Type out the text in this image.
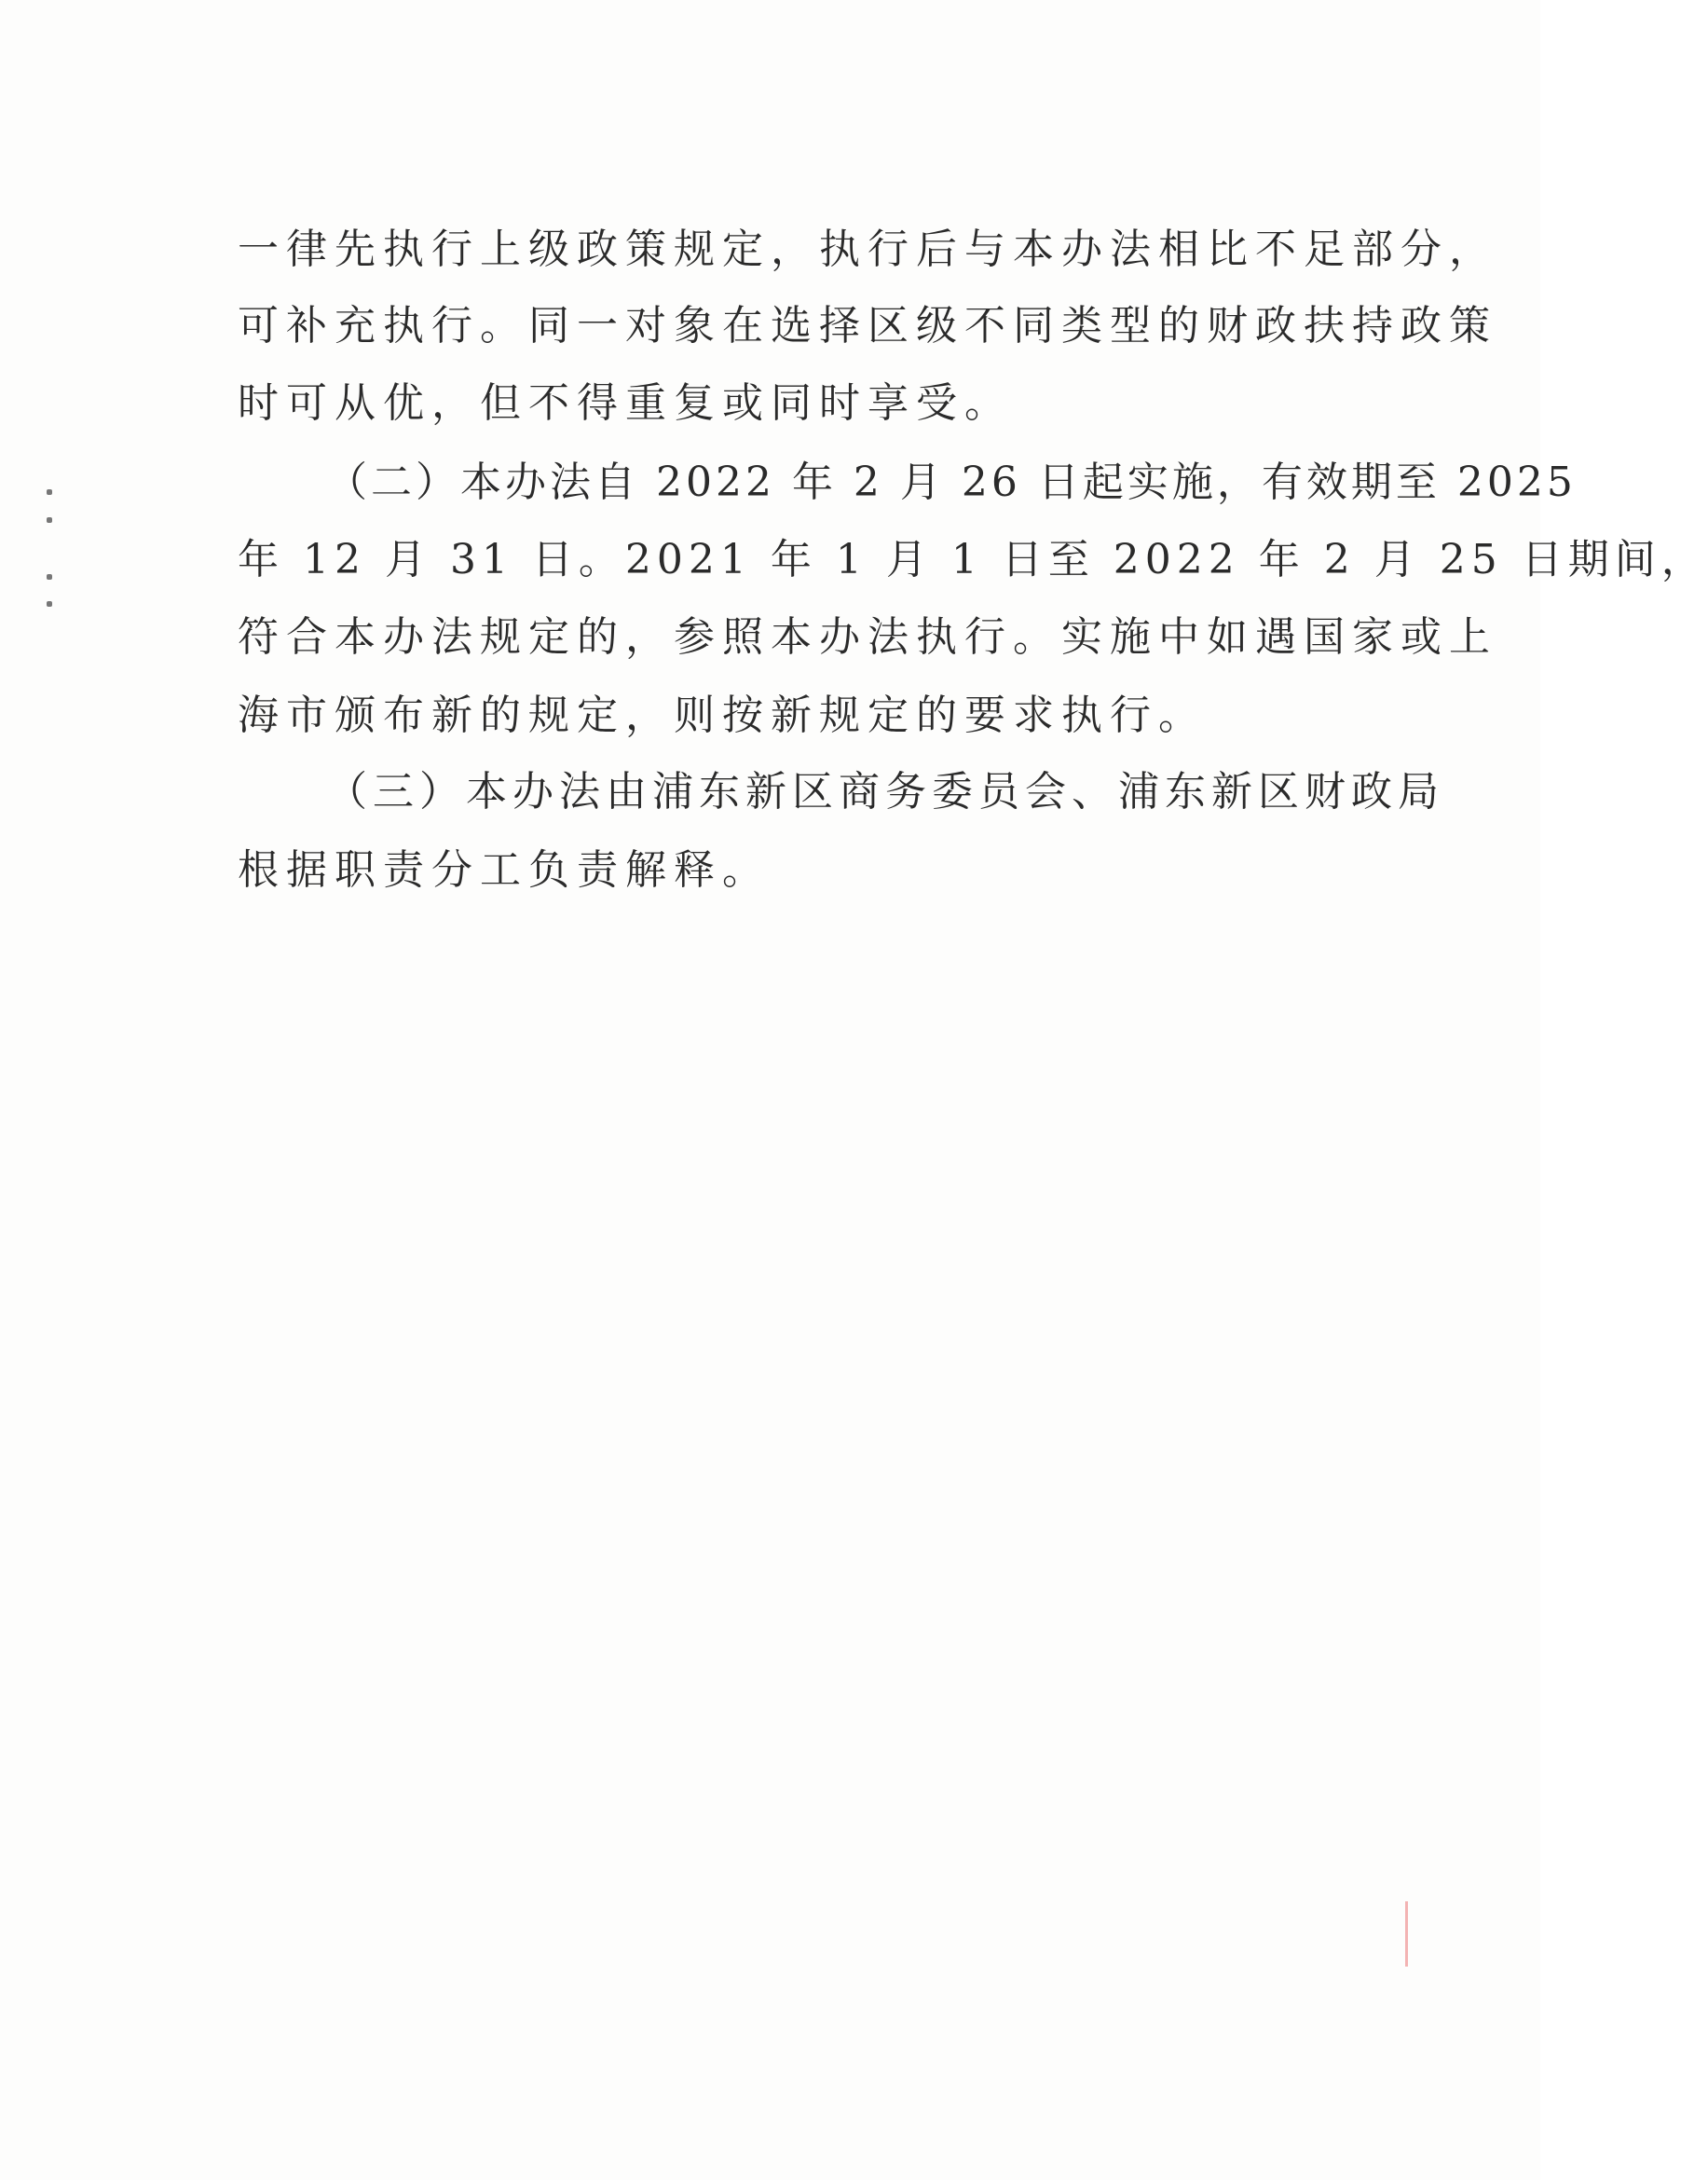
一律先执行上级政策规定，执行后与本办法相比不足部分，
可补充执行。同一对象在选择区级不同类型的财政扶持政策
时可从优，但不得重复或同时享受。
（二）本办法自 2022 年 2 月 26 日起实施，有效期至 2025
年 12 月 31 日。2021 年 1 月 1 日至 2022 年 2 月 25 日期间，
符合本办法规定的，参照本办法执行。实施中如遇国家或上
海市颁布新的规定，则按新规定的要求执行。
（三）本办法由浦东新区商务委员会、浦东新区财政局
根据职责分工负责解释。
